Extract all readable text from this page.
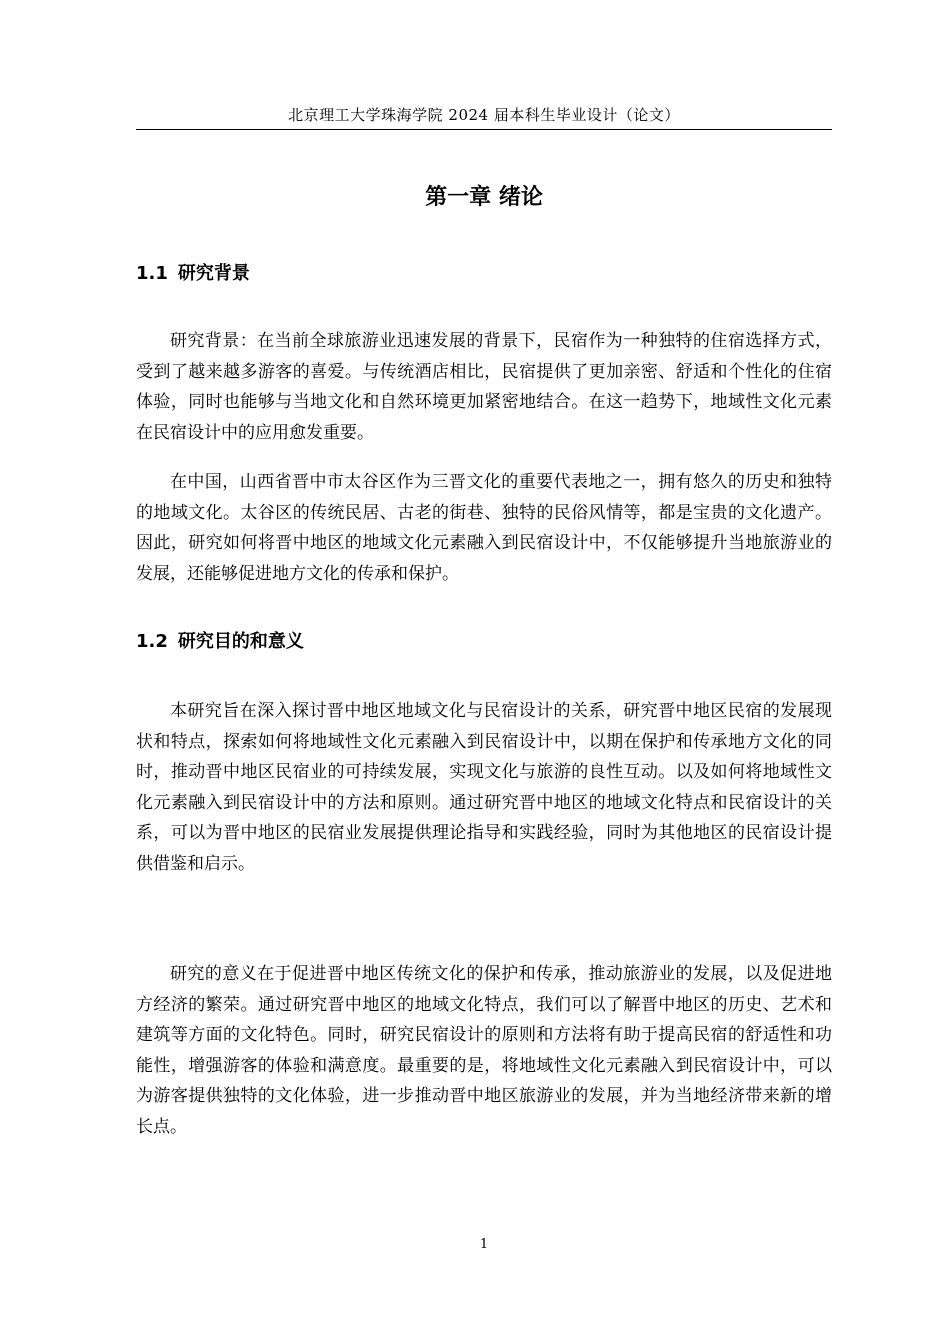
北京理工大学珠海学院 2024 届本科生毕业设计（论文）
第一章 绪论
1.1 研究背景

研究背景：在当前全球旅游业迅速发展的背景下，民宿作为一种独特的住宿选择方式，受到了越来越多游客的喜爱。与传统酒店相比，民宿提供了更加亲密、舒适和个性化的住宿体验，同时也能够与当地文化和自然环境更加紧密地结合。在这一趋势下，地域性文化元素在民宿设计中的应用愈发重要。

在中国，山西省晋中市太谷区作为三晋文化的重要代表地之一，拥有悠久的历史和独特的地域文化。太谷区的传统民居、古老的街巷、独特的民俗风情等，都是宝贵的文化遗产。因此，研究如何将晋中地区的地域文化元素融入到民宿设计中，不仅能够提升当地旅游业的发展，还能够促进地方文化的传承和保护。

1.2 研究目的和意义

本研究旨在深入探讨晋中地区地域文化与民宿设计的关系，研究晋中地区民宿的发展现状和特点，探索如何将地域性文化元素融入到民宿设计中，以期在保护和传承地方文化的同时，推动晋中地区民宿业的可持续发展，实现文化与旅游的良性互动。以及如何将地域性文化元素融入到民宿设计中的方法和原则。通过研究晋中地区的地域文化特点和民宿设计的关系，可以为晋中地区的民宿业发展提供理论指导和实践经验，同时为其他地区的民宿设计提供借鉴和启示。

研究的意义在于促进晋中地区传统文化的保护和传承，推动旅游业的发展，以及促进地方经济的繁荣。通过研究晋中地区的地域文化特点，我们可以了解晋中地区的历史、艺术和建筑等方面的文化特色。同时，研究民宿设计的原则和方法将有助于提高民宿的舒适性和功能性，增强游客的体验和满意度。最重要的是，将地域性文化元素融入到民宿设计中，可以为游客提供独特的文化体验，进一步推动晋中地区旅游业的发展，并为当地经济带来新的增长点。

1
